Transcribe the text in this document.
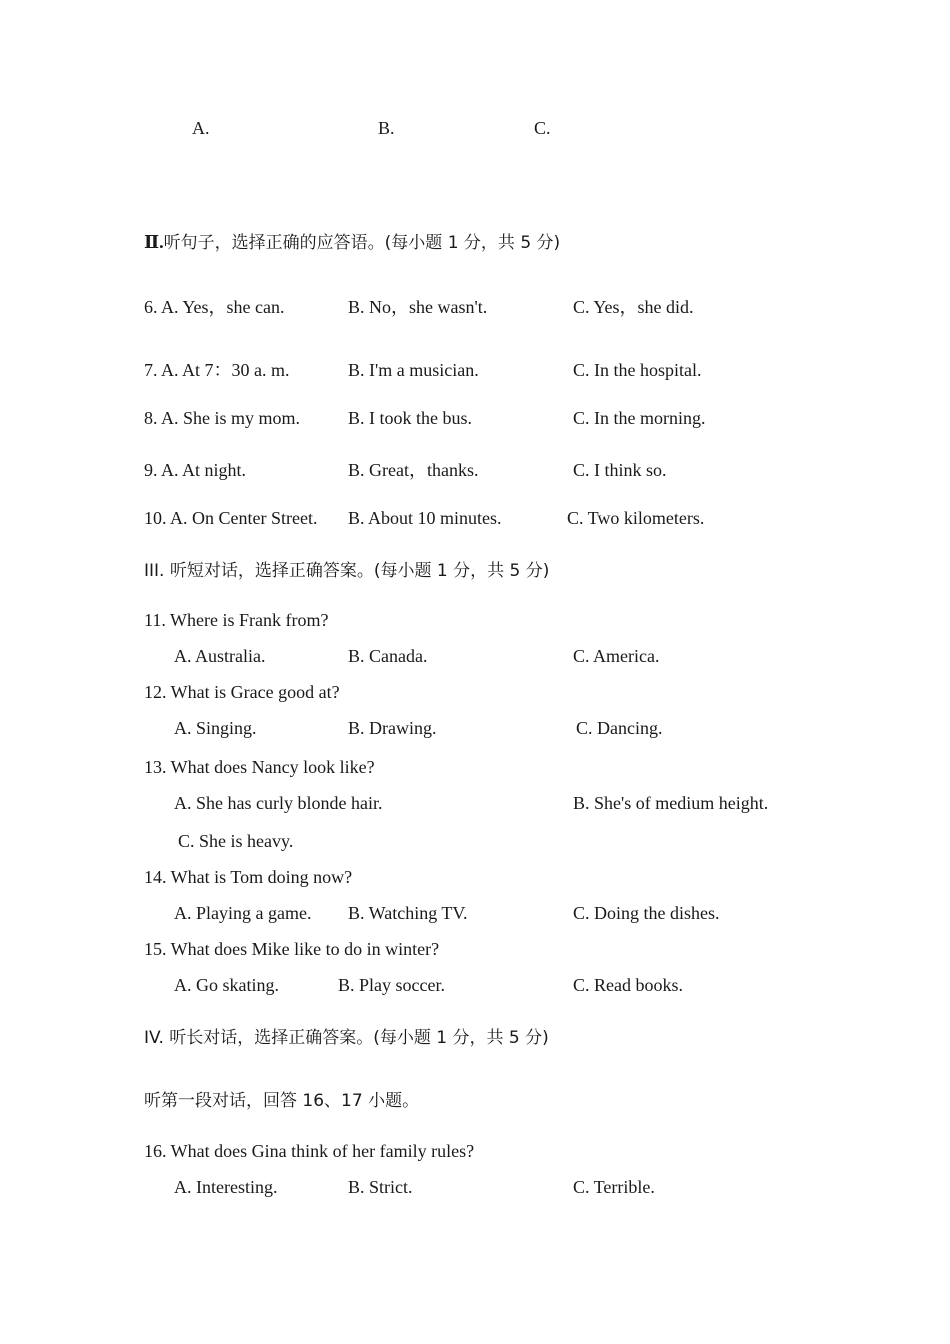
A.	B.	C.
Ⅱ.听句子，选择正确的应答语。(每小题 1 分，共 5 分)
6. A. Yes，she can.	B. No，she wasn't.	C. Yes，she did.
7. A. At 7：30 a. m.	B. I'm a musician.	C. In the hospital.
8. A. She is my mom.	B. I took the bus.	C. In the morning.
9. A. At night.	B. Great，thanks.	C. I think so.
10. A. On Center Street. B. About 10 minutes.	C. Two kilometers.
III. 听短对话，选择正确答案。(每小题 1 分，共 5 分)
11. Where is Frank from?
A. Australia.	B. Canada.	C. America.
12. What is Grace good at?
A. Singing.	B. Drawing.	C. Dancing.
13. What does Nancy look like?
A. She has curly blonde hair.	B. She's of medium height.
C. She is heavy.
14. What is Tom doing now?
A. Playing a game. B. Watching TV.	C. Doing the dishes.
15. What does Mike like to do in winter?
A. Go skating.	B. Play soccer.	C. Read books.
IV. 听长对话，选择正确答案。(每小题 1 分，共 5 分)
听第一段对话，回答 16、17 小题。
16. What does Gina think of her family rules?
A. Interesting.	B. Strict.	C. Terrible.
